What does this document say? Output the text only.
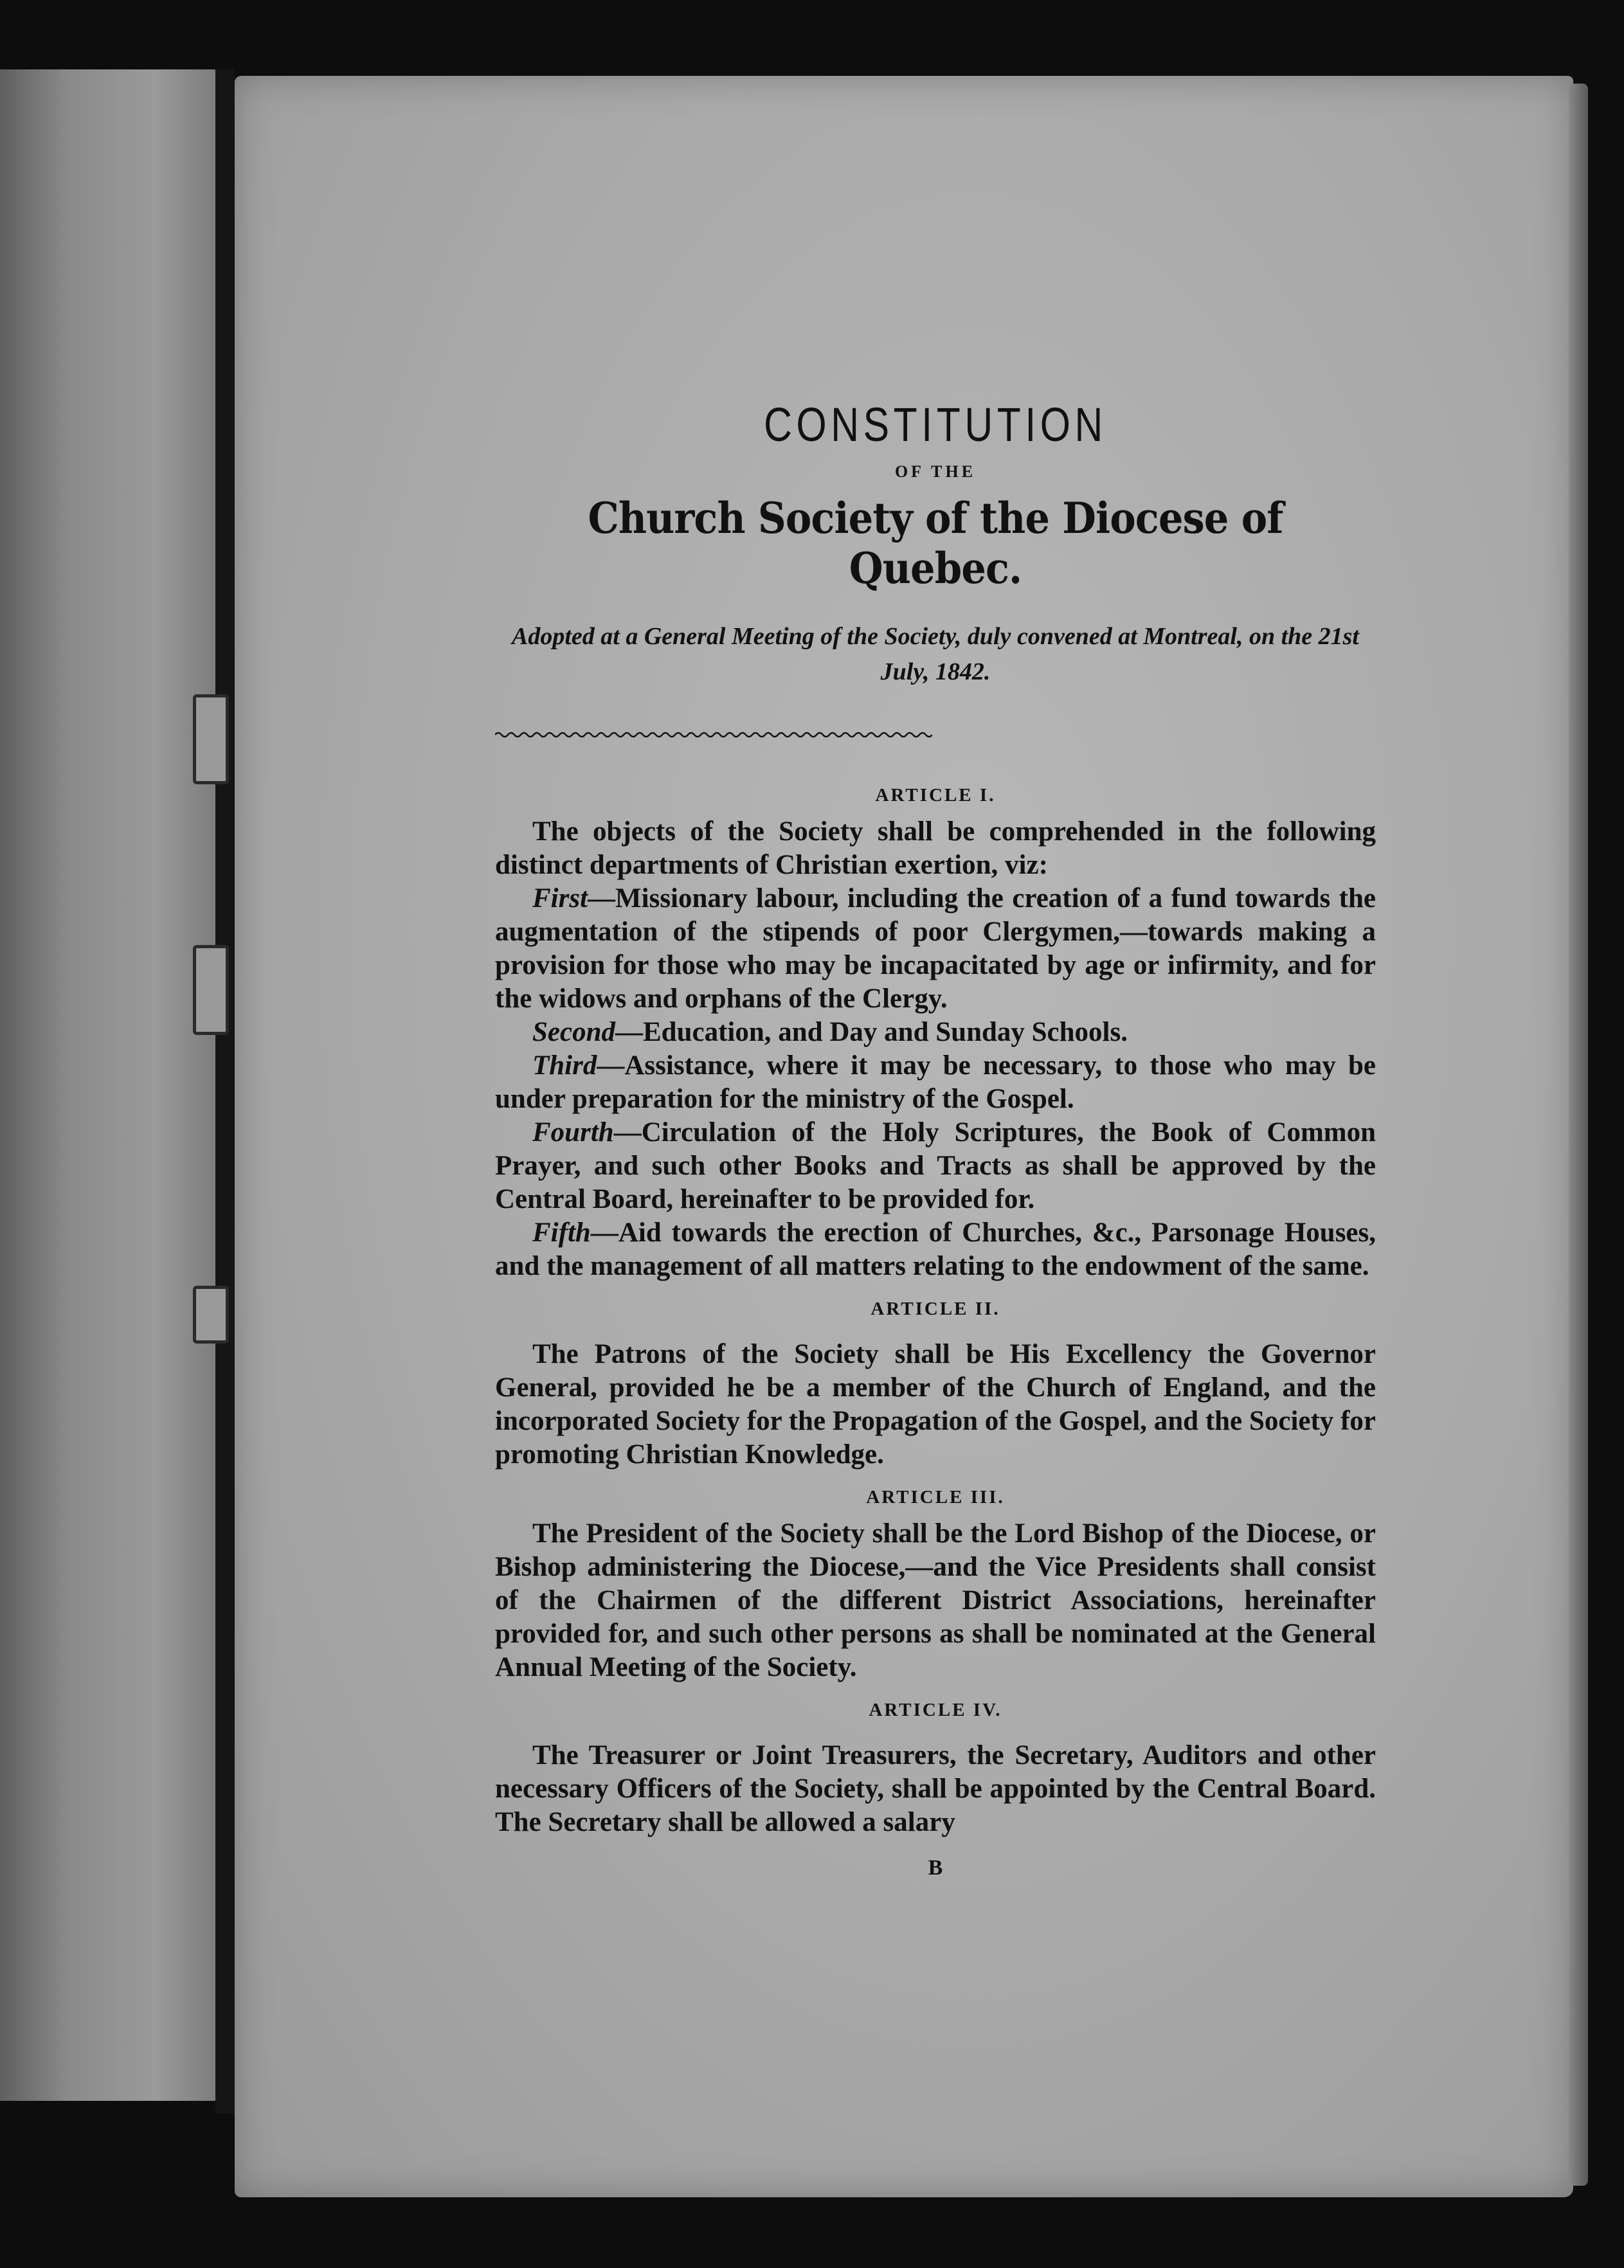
CONSTITUTION
OF THE
Church Society of the Diocese of Quebec.

Adopted at a General Meeting of the Society, duly convened at Montreal, on the 21st July, 1842.

ARTICLE I.

The objects of the Society shall be comprehended in the following distinct departments of Christian exertion, viz:

First—Missionary labour, including the creation of a fund towards the augmentation of the stipends of poor Clergymen,—towards making a provision for those who may be incapacitated by age or infirmity, and for the widows and orphans of the Clergy.

Second—Education, and Day and Sunday Schools.

Third—Assistance, where it may be necessary, to those who may be under preparation for the ministry of the Gospel.

Fourth—Circulation of the Holy Scriptures, the Book of Common Prayer, and such other Books and Tracts as shall be approved by the Central Board, hereinafter to be provided for.

Fifth—Aid towards the erection of Churches, &c., Parsonage Houses, and the management of all matters relating to the endowment of the same.

ARTICLE II.

The Patrons of the Society shall be His Excellency the Governor General, provided he be a member of the Church of England, and the incorporated Society for the Propagation of the Gospel, and the Society for promoting Christian Knowledge.

ARTICLE III.

The President of the Society shall be the Lord Bishop of the Diocese, or Bishop administering the Diocese,—and the Vice Presidents shall consist of the Chairmen of the different District Associations, hereinafter provided for, and such other persons as shall be nominated at the General Annual Meeting of the Society.

ARTICLE IV.

The Treasurer or Joint Treasurers, the Secretary, Auditors and other necessary Officers of the Society, shall be appointed by the Central Board. The Secretary shall be allowed a salary

B
